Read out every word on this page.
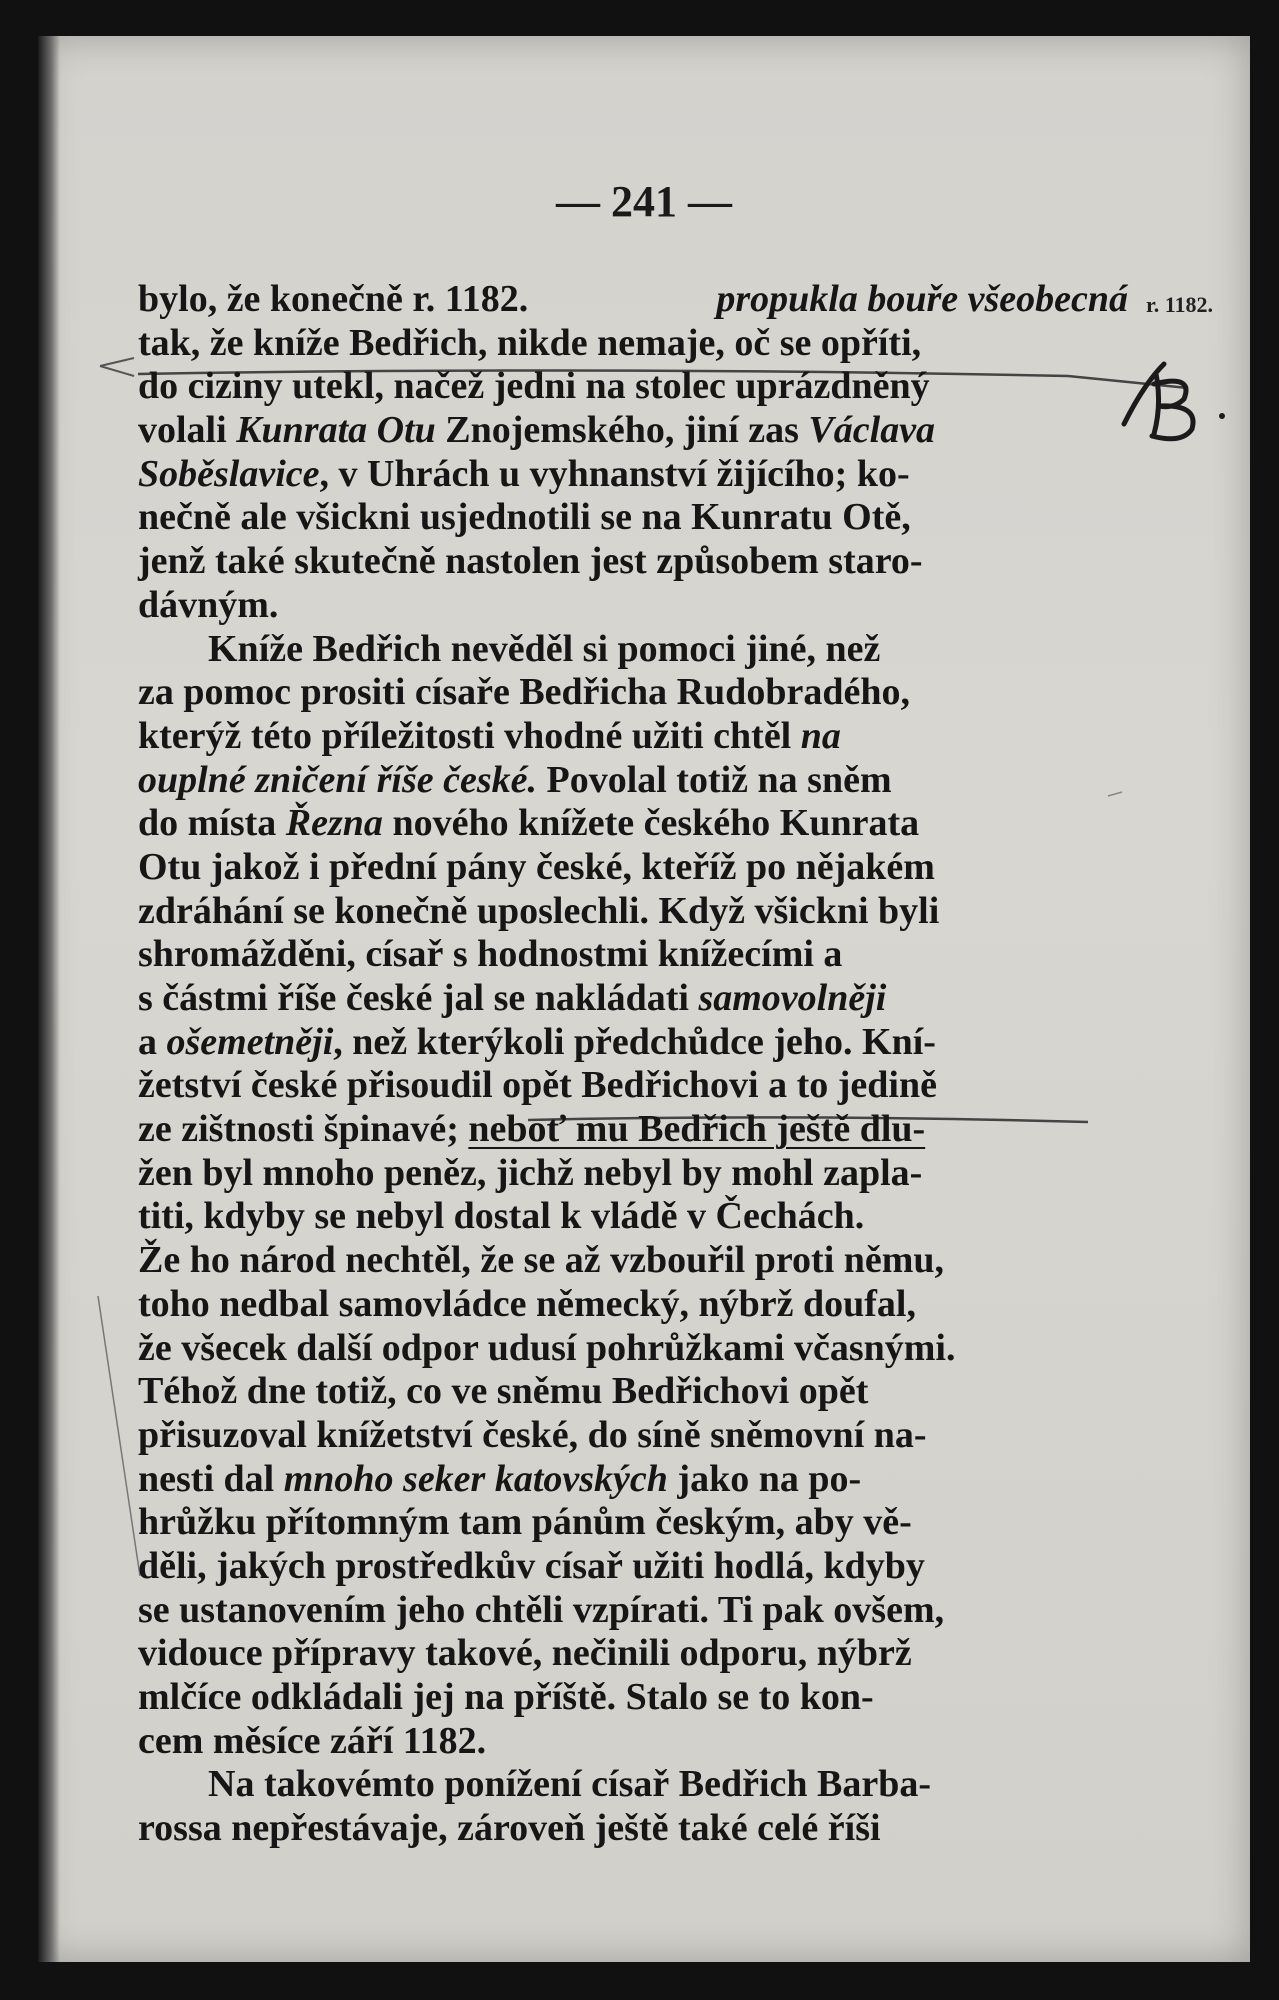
— 241 —
bylo, že konečně r. 1182.	propukla bouře všeobecná
tak, že kníže Bedřich, nikde nemaje, oč se opříti,
do ciziny utekl, načež jedni na stolec uprázdněný
volali Kunrata Otu Znojemského, jiní zas Václava
Soběslavice, v Uhrách u vyhnanství žijícího; ko-
nečně ale všickni usjednotili se na Kunratu Otě,
jenž také skutečně nastolen jest způsobem staro-
dávným.
Kníže Bedřich nevěděl si pomoci jiné, než
za pomoc prositi císaře Bedřicha Rudobradého,
kterýž této příležitosti vhodné užiti chtěl na
ouplné zničení říše české. Povolal totiž na sněm
do místa Řezna nového knížete českého Kunrata
Otu jakož i přední pány české, kteříž po nějakém
zdráhání se konečně uposlechli. Když všickni byli
shromážděni, císař s hodnostmi knížecími a
s částmi říše české jal se nakládati samovolněji
a ošemetněji, než kterýkoli předchůdce jeho. Kní-
žetství české přisoudil opět Bedřichovi a to jedině
ze zištnosti špinavé; neboť mu Bedřich ještě dlu-
žen byl mnoho peněz, jichž nebyl by mohl zapla-
titi, kdyby se nebyl dostal k vládě v Čechách.
Že ho národ nechtěl, že se až vzbouřil proti němu,
toho nedbal samovládce německý, nýbrž doufal,
že všecek další odpor udusí pohrůžkami včasnými.
Téhož dne totiž, co ve sněmu Bedřichovi opět
přisuzoval knížetství české, do síně sněmovní na-
nesti dal mnoho seker katovských jako na po-
hrůžku přítomným tam pánům českým, aby vě-
děli, jakých prostředkův císař užiti hodlá, kdyby
se ustanovením jeho chtěli vzpírati. Ti pak ovšem,
vidouce přípravy takové, nečinili odporu, nýbrž
mlčíce odkládali jej na příště. Stalo se to kon-
cem měsíce září 1182.
Na takovémto ponížení císař Bedřich Barba-
rossa nepřestávaje, zároveň ještě také celé říši
r. 1182.
